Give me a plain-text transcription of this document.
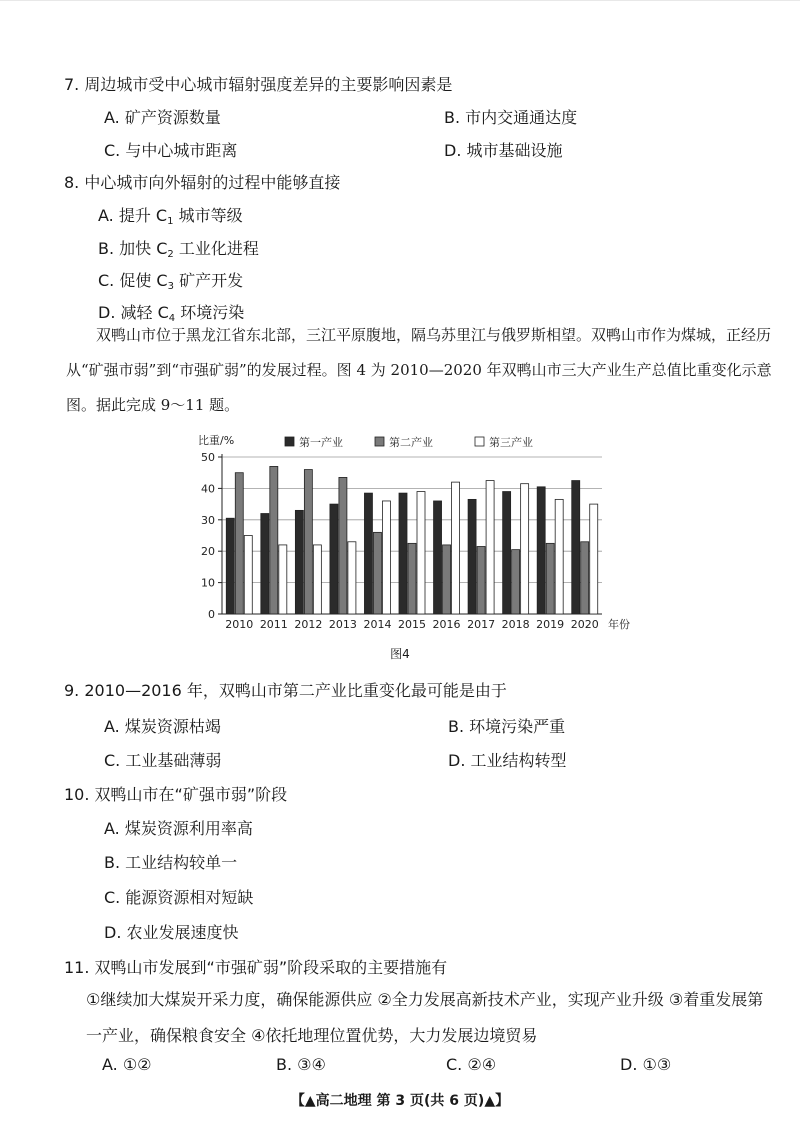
7. 周边城市受中心城市辐射强度差异的主要影响因素是
A. 矿产资源数量	B. 市内交通通达度
C. 与中心城市距离	D. 城市基础设施
8. 中心城市向外辐射的过程中能够直接
A. 提升 $C_1$ 城市等级
B. 加快 $C_2$ 工业化进程
C. 促使 $C_3$ 矿产开发
D. 减轻 $C_4$ 环境污染

双鸭山市位于黑龙江省东北部，三江平原腹地，隔乌苏里江与俄罗斯相望。双鸭山市作为煤城，正经历从“矿强市弱”到“市强矿弱”的发展过程。图 4 为 2010—2020 年双鸭山市三大产业生产总值比重变化示意图。据此完成 9～11 题。

0
10
20
30
40
50
比重/%
2010 2011 2012 2013 2014 2015 2016 2017 2018 2019 2020 年份
第一产业	第二产业	第三产业
图4
9. 2010—2016 年，双鸭山市第二产业比重变化最可能是由于
A. 煤炭资源枯竭	B. 环境污染严重
C. 工业基础薄弱	D. 工业结构转型
10. 双鸭山市在“矿强市弱”阶段
A. 煤炭资源利用率高
B. 工业结构较单一
C. 能源资源相对短缺
D. 农业发展速度快
11. 双鸭山市发展到“市强矿弱”阶段采取的主要措施有
①继续加大煤炭开采力度，确保能源供应 ②全力发展高新技术产业，实现产业升级 ③着重发展第一产业，确保粮食安全 ④依托地理位置优势，大力发展边境贸易
A. ①②	B. ③④	C. ②④	D. ①③
【▲高二地理 第 3 页(共 6 页)▲】
